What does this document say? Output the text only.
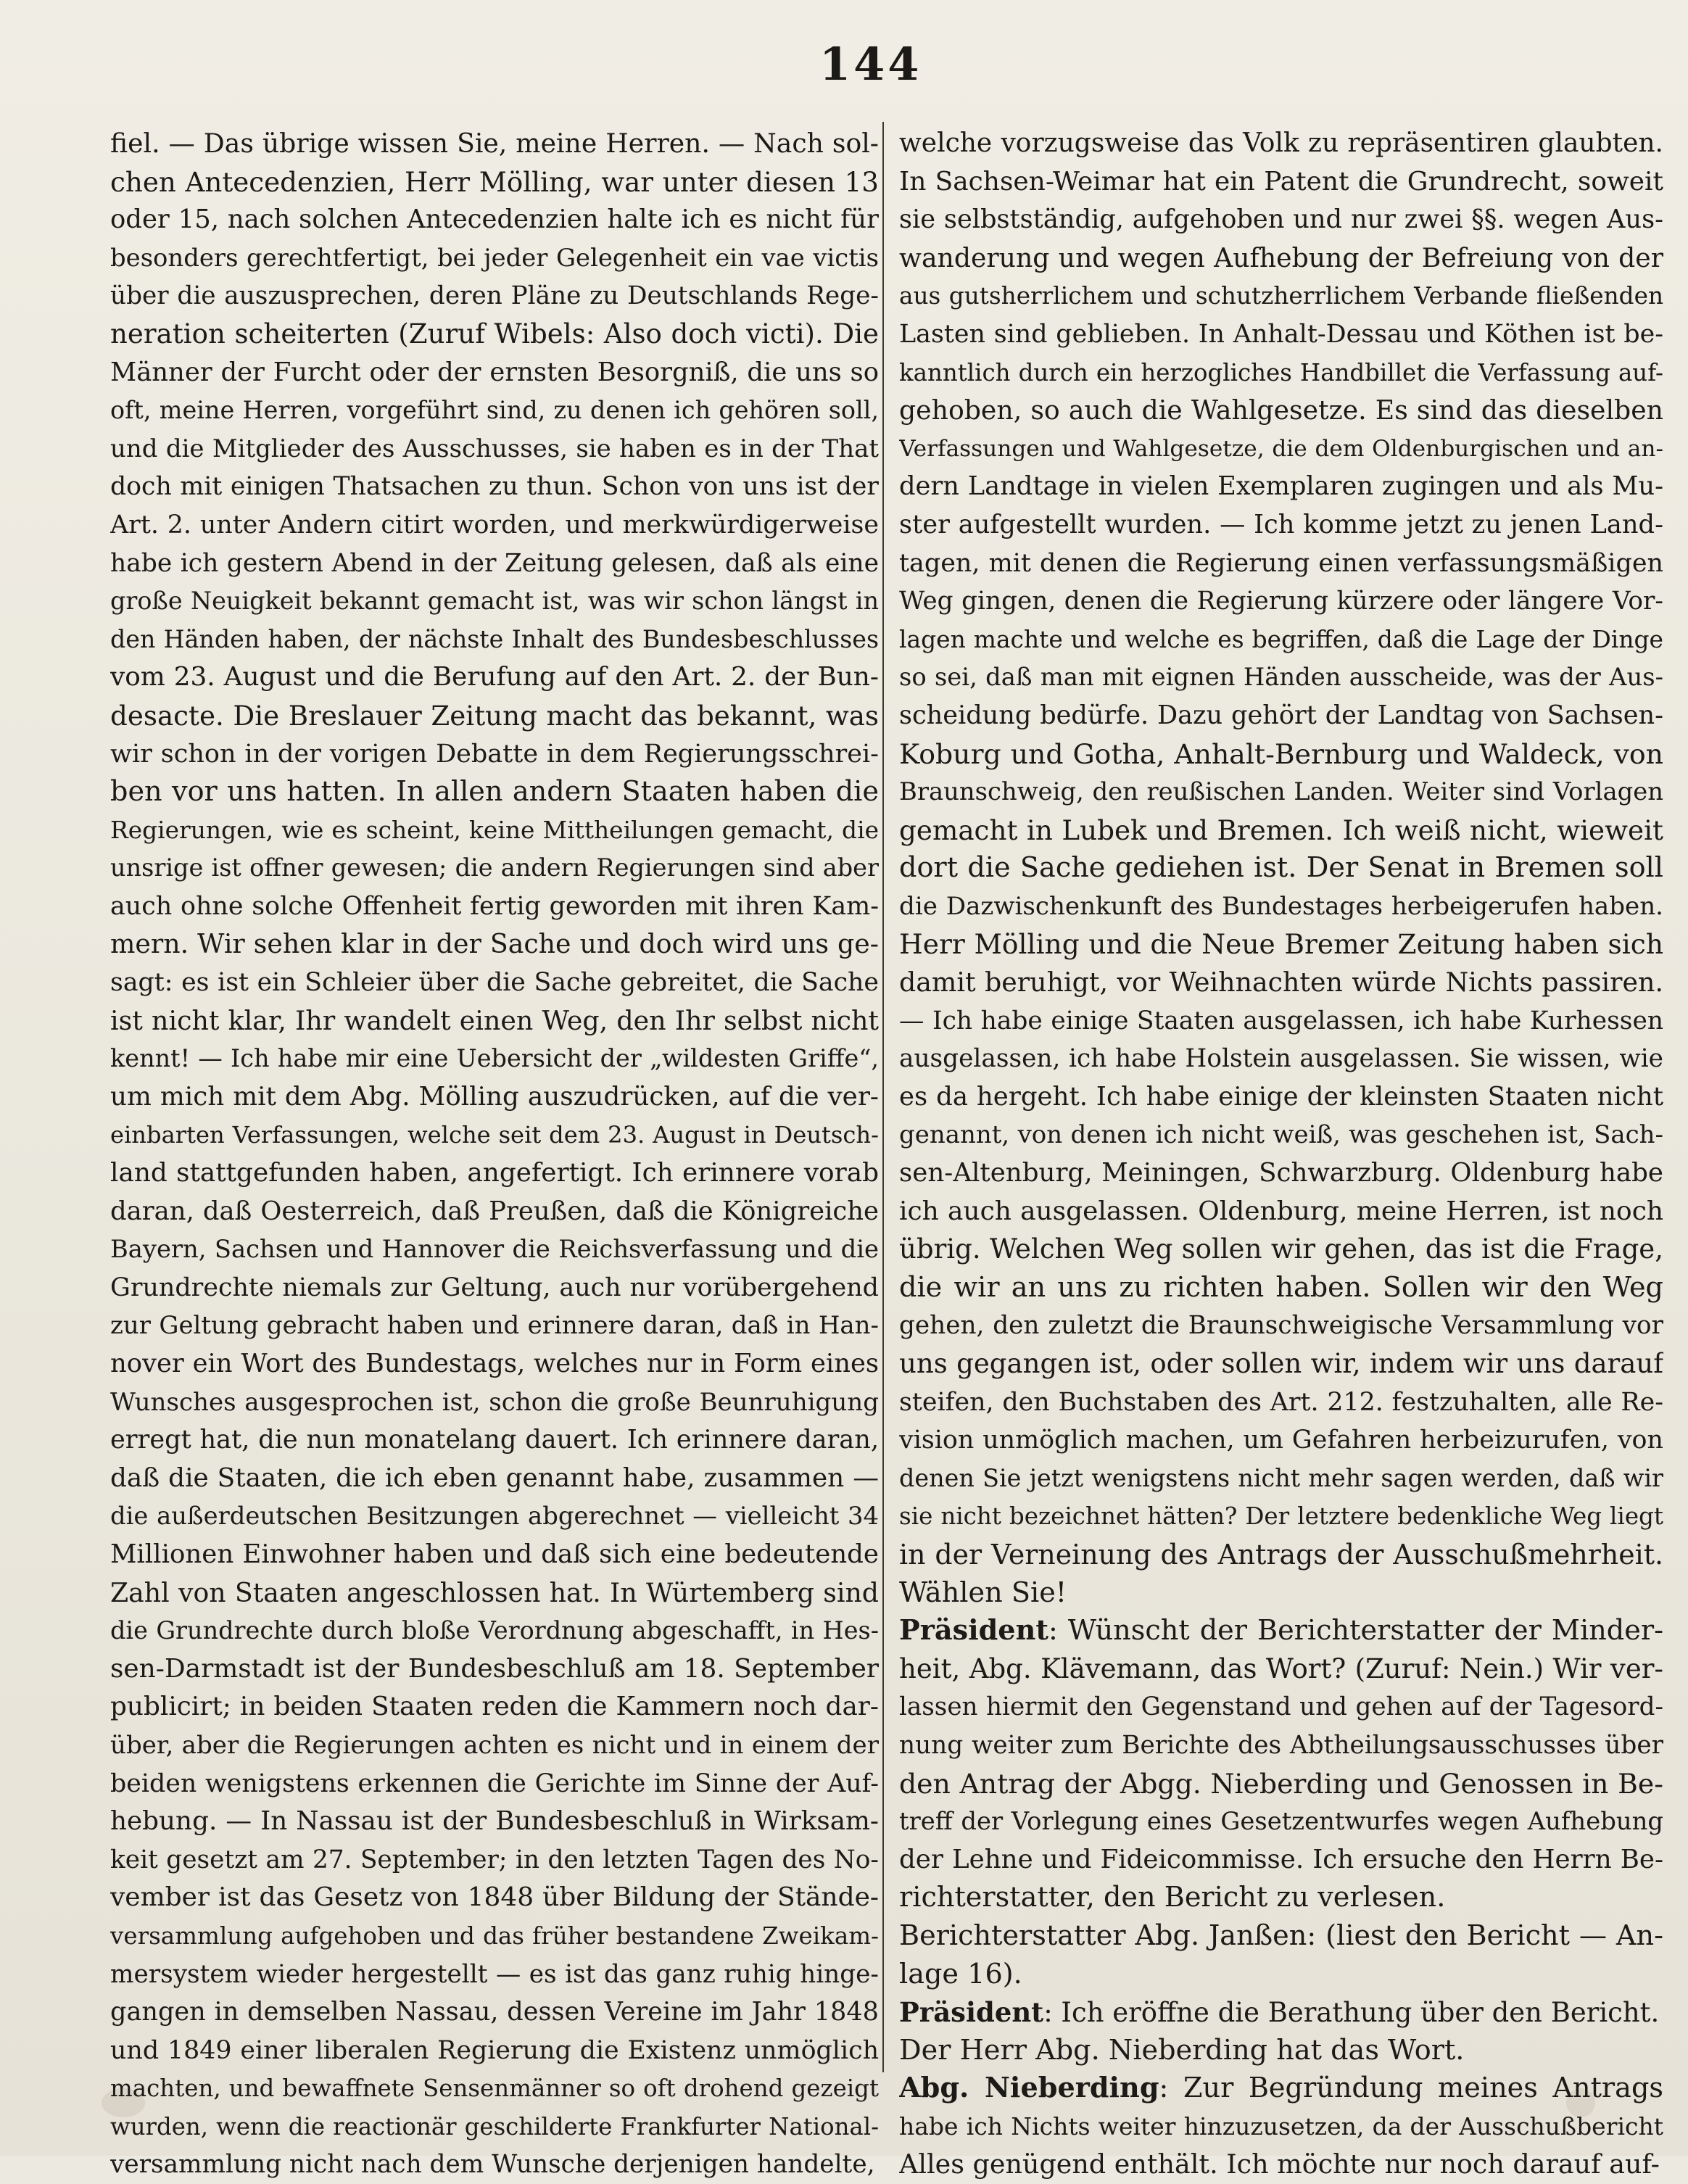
144
fiel. — Das übrige wissen Sie, meine Herren. — Nach sol-
chen Antecedenzien, Herr Mölling, war unter diesen 13
oder 15, nach solchen Antecedenzien halte ich es nicht für
besonders gerechtfertigt, bei jeder Gelegenheit ein vae victis
über die auszusprechen, deren Pläne zu Deutschlands Rege-
neration scheiterten (Zuruf Wibels: Also doch victi). Die
Männer der Furcht oder der ernsten Besorgniß, die uns so
oft, meine Herren, vorgeführt sind, zu denen ich gehören soll,
und die Mitglieder des Ausschusses, sie haben es in der That
doch mit einigen Thatsachen zu thun. Schon von uns ist der
Art. 2. unter Andern citirt worden, und merkwürdigerweise
habe ich gestern Abend in der Zeitung gelesen, daß als eine
große Neuigkeit bekannt gemacht ist, was wir schon längst in
den Händen haben, der nächste Inhalt des Bundesbeschlusses
vom 23. August und die Berufung auf den Art. 2. der Bun-
desacte. Die Breslauer Zeitung macht das bekannt, was
wir schon in der vorigen Debatte in dem Regierungsschrei-
ben vor uns hatten. In allen andern Staaten haben die
Regierungen, wie es scheint, keine Mittheilungen gemacht, die
unsrige ist offner gewesen; die andern Regierungen sind aber
auch ohne solche Offenheit fertig geworden mit ihren Kam-
mern. Wir sehen klar in der Sache und doch wird uns ge-
sagt: es ist ein Schleier über die Sache gebreitet, die Sache
ist nicht klar, Ihr wandelt einen Weg, den Ihr selbst nicht
kennt! — Ich habe mir eine Uebersicht der „wildesten Griffe“,
um mich mit dem Abg. Mölling auszudrücken, auf die ver-
einbarten Verfassungen, welche seit dem 23. August in Deutsch-
land stattgefunden haben, angefertigt. Ich erinnere vorab
daran, daß Oesterreich, daß Preußen, daß die Königreiche
Bayern, Sachsen und Hannover die Reichsverfassung und die
Grundrechte niemals zur Geltung, auch nur vorübergehend
zur Geltung gebracht haben und erinnere daran, daß in Han-
nover ein Wort des Bundestags, welches nur in Form eines
Wunsches ausgesprochen ist, schon die große Beunruhigung
erregt hat, die nun monatelang dauert. Ich erinnere daran,
daß die Staaten, die ich eben genannt habe, zusammen —
die außerdeutschen Besitzungen abgerechnet — vielleicht 34
Millionen Einwohner haben und daß sich eine bedeutende
Zahl von Staaten angeschlossen hat. In Würtemberg sind
die Grundrechte durch bloße Verordnung abgeschafft, in Hes-
sen-Darmstadt ist der Bundesbeschluß am 18. September
publicirt; in beiden Staaten reden die Kammern noch dar-
über, aber die Regierungen achten es nicht und in einem der
beiden wenigstens erkennen die Gerichte im Sinne der Auf-
hebung. — In Nassau ist der Bundesbeschluß in Wirksam-
keit gesetzt am 27. September; in den letzten Tagen des No-
vember ist das Gesetz von 1848 über Bildung der Stände-
versammlung aufgehoben und das früher bestandene Zweikam-
mersystem wieder hergestellt — es ist das ganz ruhig hinge-
gangen in demselben Nassau, dessen Vereine im Jahr 1848
und 1849 einer liberalen Regierung die Existenz unmöglich
machten, und bewaffnete Sensenmänner so oft drohend gezeigt
wurden, wenn die reactionär geschilderte Frankfurter National-
versammlung nicht nach dem Wunsche derjenigen handelte,
welche vorzugsweise das Volk zu repräsentiren glaubten.
In Sachsen-Weimar hat ein Patent die Grundrecht, soweit
sie selbstständig, aufgehoben und nur zwei §§. wegen Aus-
wanderung und wegen Aufhebung der Befreiung von der
aus gutsherrlichem und schutzherrlichem Verbande fließenden
Lasten sind geblieben. In Anhalt-Dessau und Köthen ist be-
kanntlich durch ein herzogliches Handbillet die Verfassung auf-
gehoben, so auch die Wahlgesetze. Es sind das dieselben
Verfassungen und Wahlgesetze, die dem Oldenburgischen und an-
dern Landtage in vielen Exemplaren zugingen und als Mu-
ster aufgestellt wurden. — Ich komme jetzt zu jenen Land-
tagen, mit denen die Regierung einen verfassungsmäßigen
Weg gingen, denen die Regierung kürzere oder längere Vor-
lagen machte und welche es begriffen, daß die Lage der Dinge
so sei, daß man mit eignen Händen ausscheide, was der Aus-
scheidung bedürfe. Dazu gehört der Landtag von Sachsen-
Koburg und Gotha, Anhalt-Bernburg und Waldeck, von
Braunschweig, den reußischen Landen. Weiter sind Vorlagen
gemacht in Lubek und Bremen. Ich weiß nicht, wieweit
dort die Sache gediehen ist. Der Senat in Bremen soll
die Dazwischenkunft des Bundestages herbeigerufen haben.
Herr Mölling und die Neue Bremer Zeitung haben sich
damit beruhigt, vor Weihnachten würde Nichts passiren.
— Ich habe einige Staaten ausgelassen, ich habe Kurhessen
ausgelassen, ich habe Holstein ausgelassen. Sie wissen, wie
es da hergeht. Ich habe einige der kleinsten Staaten nicht
genannt, von denen ich nicht weiß, was geschehen ist, Sach-
sen-Altenburg, Meiningen, Schwarzburg. Oldenburg habe
ich auch ausgelassen. Oldenburg, meine Herren, ist noch
übrig. Welchen Weg sollen wir gehen, das ist die Frage,
die wir an uns zu richten haben. Sollen wir den Weg
gehen, den zuletzt die Braunschweigische Versammlung vor
uns gegangen ist, oder sollen wir, indem wir uns darauf
steifen, den Buchstaben des Art. 212. festzuhalten, alle Re-
vision unmöglich machen, um Gefahren herbeizurufen, von
denen Sie jetzt wenigstens nicht mehr sagen werden, daß wir
sie nicht bezeichnet hätten? Der letztere bedenkliche Weg liegt
in der Verneinung des Antrags der Ausschußmehrheit.
Wählen Sie!
Präsident: Wünscht der Berichterstatter der Minder-
heit, Abg. Klävemann, das Wort? (Zuruf: Nein.) Wir ver-
lassen hiermit den Gegenstand und gehen auf der Tagesord-
nung weiter zum Berichte des Abtheilungsausschusses über
den Antrag der Abgg. Nieberding und Genossen in Be-
treff der Vorlegung eines Gesetzentwurfes wegen Aufhebung
der Lehne und Fideicommisse. Ich ersuche den Herrn Be-
richterstatter, den Bericht zu verlesen.
Berichterstatter Abg. Janßen: (liest den Bericht — An-
lage 16).
Präsident: Ich eröffne die Berathung über den Bericht.
Der Herr Abg. Nieberding hat das Wort.
Abg. Nieberding: Zur Begründung meines Antrags
habe ich Nichts weiter hinzuzusetzen, da der Ausschußbericht
Alles genügend enthält. Ich möchte nur noch darauf auf-
